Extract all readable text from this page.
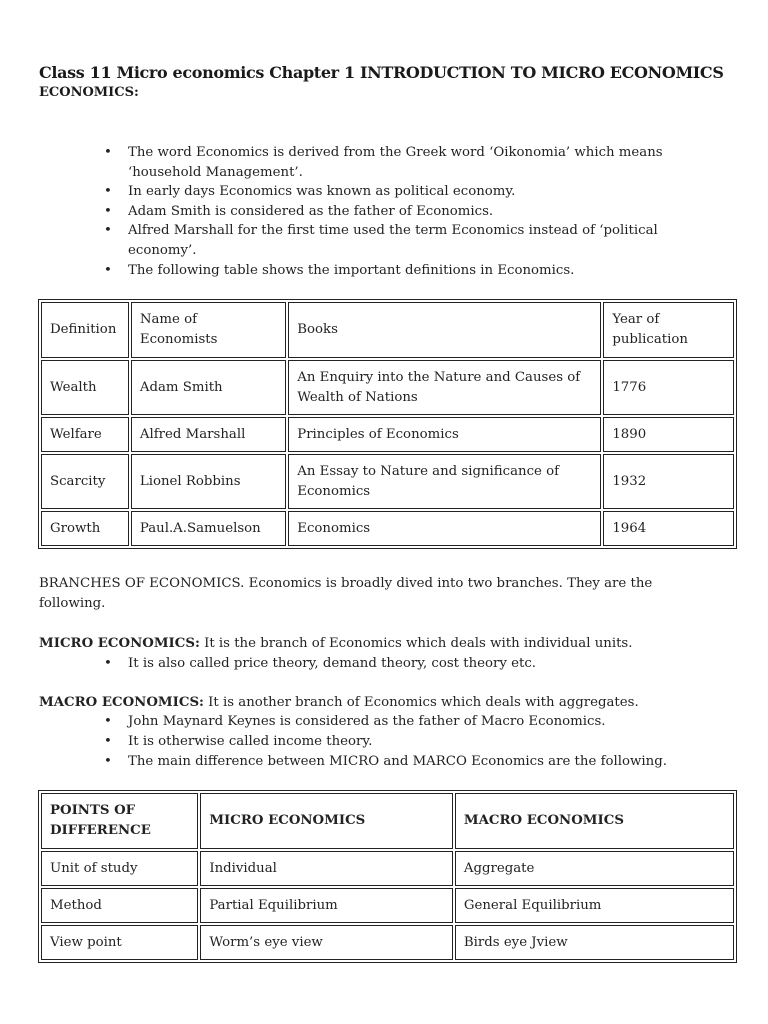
Class 11 Micro economics Chapter 1 INTRODUCTION TO MICRO ECONOMICS
ECONOMICS:
• The word Economics is derived from the Greek word ‘Oikonomia’ which means ‘household Management’.
• In early days Economics was known as political economy.
• Adam Smith is considered as the father of Economics.
• Alfred Marshall for the first time used the term Economics instead of ‘political economy’.
• The following table shows the important definitions in Economics.
Definition	Name of Economists	Books	Year of publication
Wealth	Adam Smith	An Enquiry into the Nature and Causes of Wealth of Nations	1776
Welfare	Alfred Marshall	Principles of Economics	1890
Scarcity	Lionel Robbins	An Essay to Nature and significance of Economics	1932
Growth	Paul.A.Samuelson	Economics	1964

BRANCHES OF ECONOMICS. Economics is broadly dived into two branches. They are the following.

MICRO ECONOMICS: It is the branch of Economics which deals with individual units.

• It is also called price theory, demand theory, cost theory etc.

MACRO ECONOMICS: It is another branch of Economics which deals with aggregates.

• John Maynard Keynes is considered as the father of Macro Economics.
• It is otherwise called income theory.
• The main difference between MICRO and MARCO Economics are the following.
POINTS OF DIFFERENCE	MICRO ECONOMICS	MACRO ECONOMICS
Unit of study	Individual	Aggregate
Method	Partial Equilibrium	General Equilibrium
View point	Worm’s eye view	Birds eye Jview
